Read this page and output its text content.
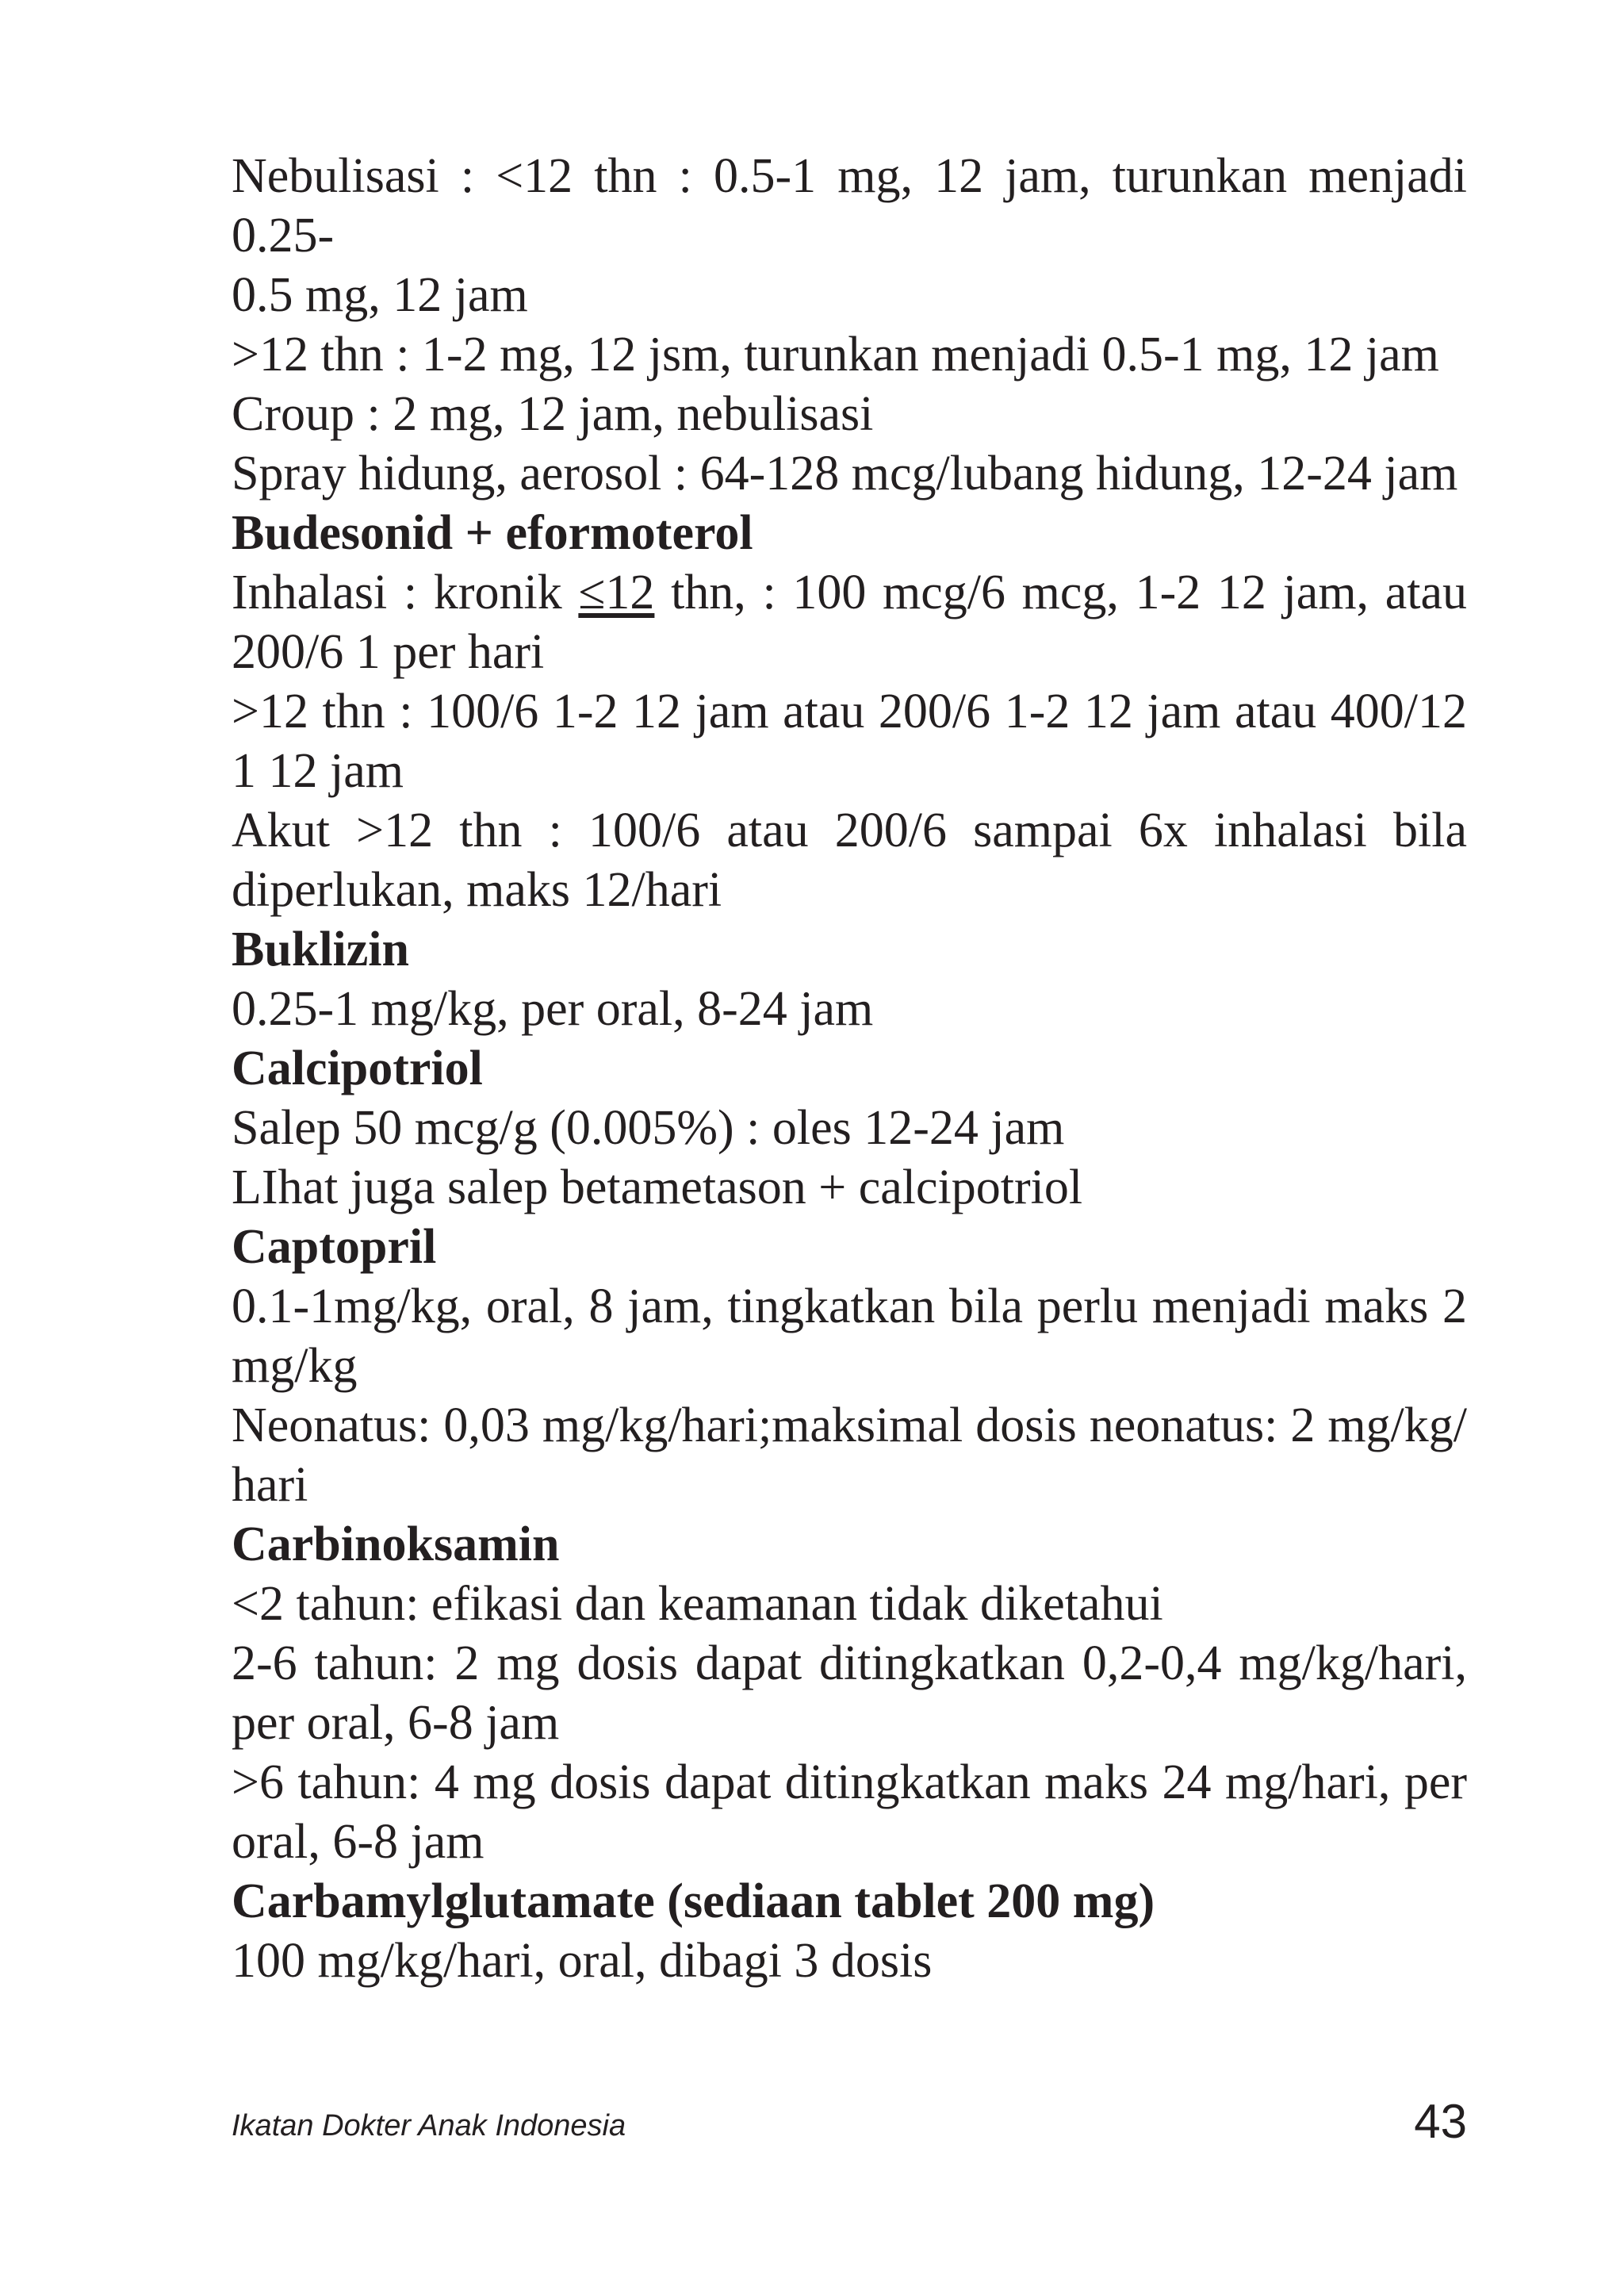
Nebulisasi : <12 thn : 0.5-1 mg, 12 jam, turunkan menjadi 0.25-
0.5 mg, 12 jam
>12 thn : 1-2 mg, 12 jsm, turunkan menjadi 0.5-1 mg, 12 jam
Croup : 2 mg, 12 jam, nebulisasi
Spray hidung, aerosol : 64-128 mcg/lubang hidung, 12-24 jam
Budesonid + eformoterol
Inhalasi : kronik ≤12 thn, : 100 mcg/6 mcg, 1-2 12 jam, atau
200/6 1 per hari
>12 thn : 100/6 1-2 12 jam atau 200/6 1-2 12 jam atau 400/12
1 12 jam
Akut >12 thn : 100/6 atau 200/6 sampai 6x inhalasi bila
diperlukan, maks 12/hari
Buklizin
0.25-1 mg/kg, per oral, 8-24 jam
Calcipotriol
Salep 50 mcg/g (0.005%) : oles 12-24 jam
LIhat juga salep betametason + calcipotriol
Captopril
0.1-1mg/kg, oral, 8 jam, tingkatkan bila perlu menjadi maks 2
mg/kg
Neonatus: 0,03 mg/kg/hari;maksimal dosis neonatus: 2 mg/kg/
hari
Carbinoksamin
<2 tahun: efikasi dan keamanan tidak diketahui
2-6 tahun: 2 mg dosis dapat ditingkatkan 0,2-0,4 mg/kg/hari,
per oral, 6-8 jam
>6 tahun: 4 mg dosis dapat ditingkatkan maks 24 mg/hari, per
oral, 6-8 jam
Carbamylglutamate (sediaan tablet 200 mg)
100 mg/kg/hari, oral, dibagi 3 dosis
Ikatan Dokter Anak Indonesia	43
